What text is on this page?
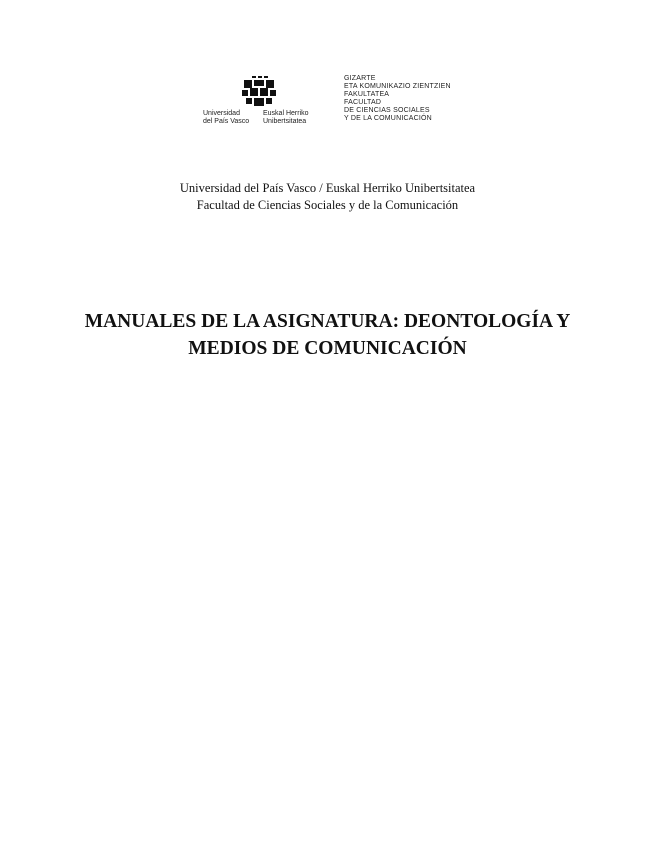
Universidad
del País Vasco
Euskal Herriko
Unibertsitatea
GIZARTE
ETA KOMUNIKAZIO ZIENTZIEN
FAKULTATEA
FACULTAD
DE CIENCIAS SOCIALES
Y DE LA COMUNICACIÓN
Universidad del País Vasco / Euskal Herriko Unibertsitatea
Facultad de Ciencias Sociales y de la Comunicación
MANUALES DE LA ASIGNATURA: DEONTOLOGÍA Y
MEDIOS DE COMUNICACIÓN
